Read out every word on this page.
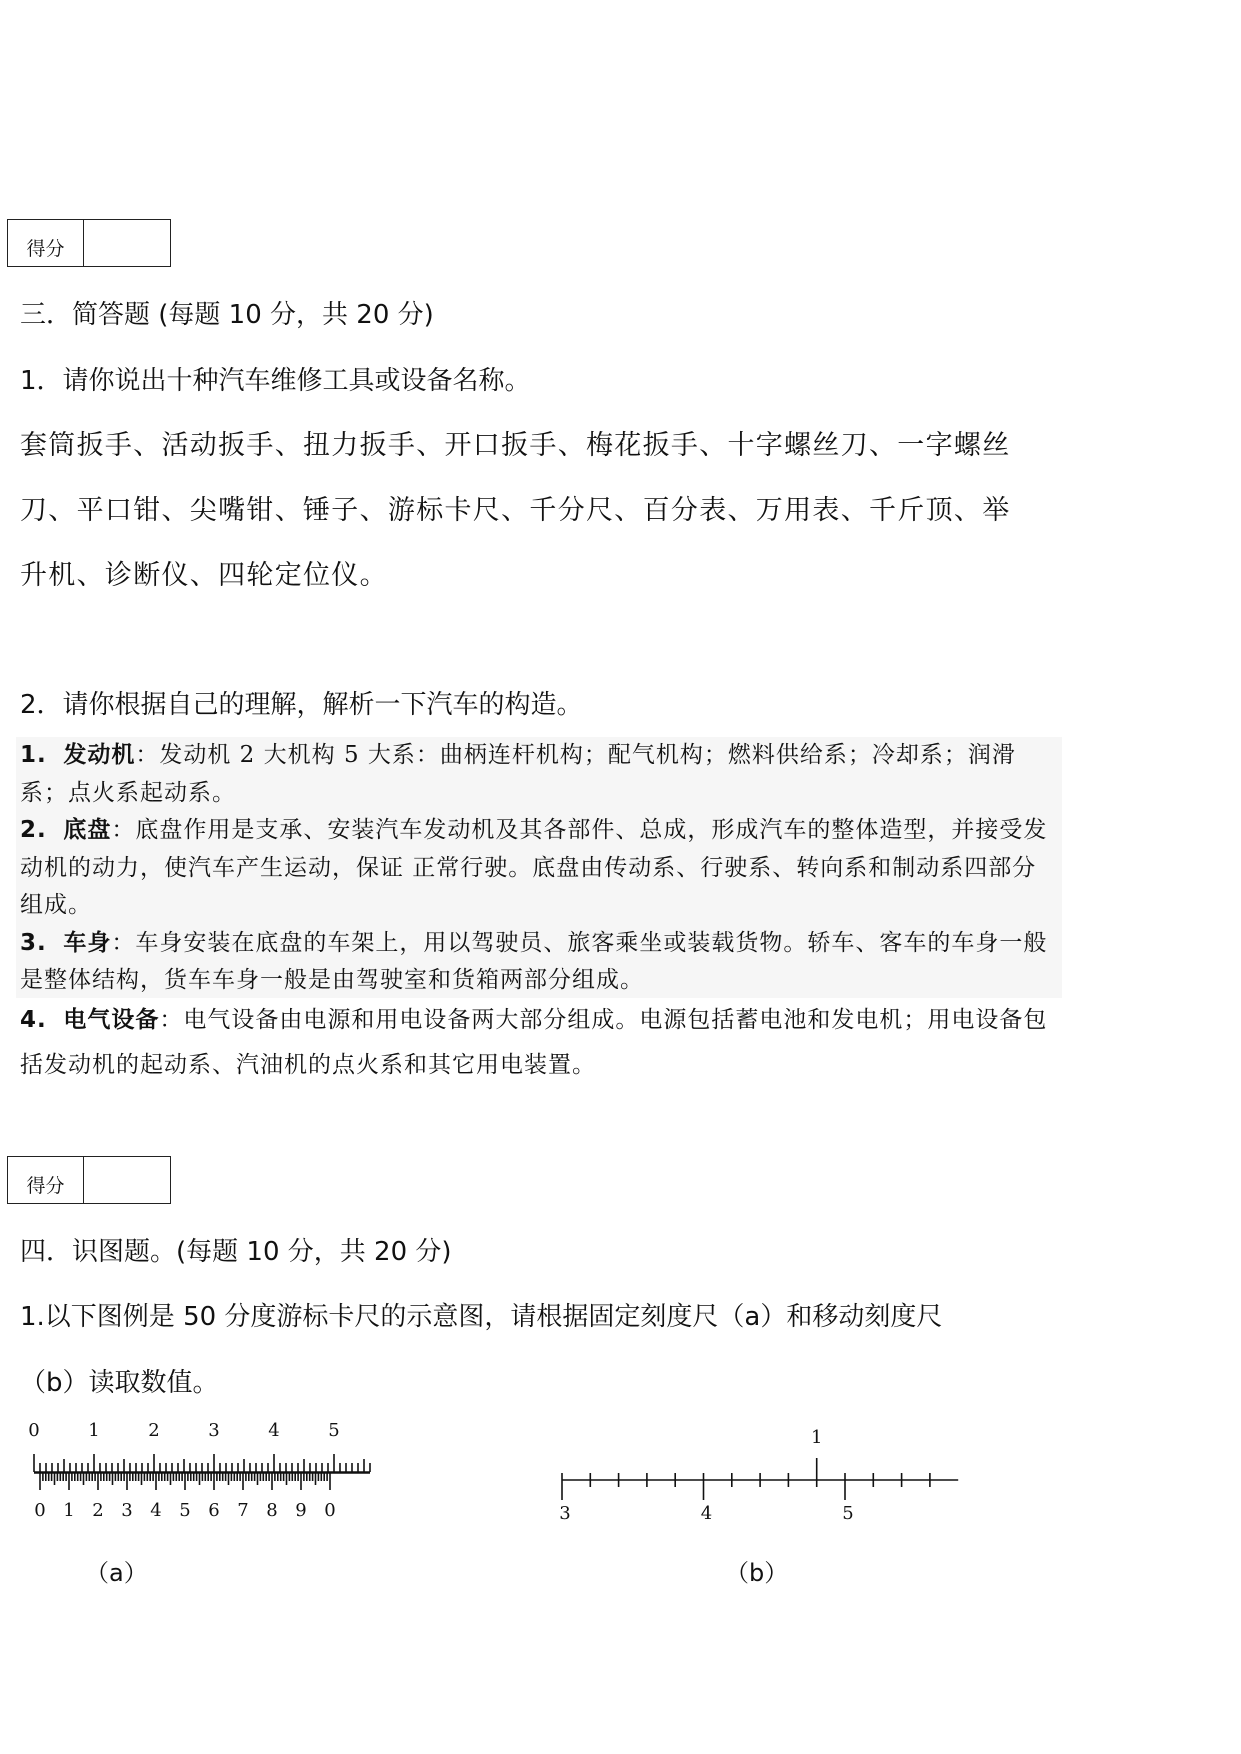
得分
三．简答题 (每题 10 分，共 20 分)
1．请你说出十种汽车维修工具或设备名称。
套筒扳手、活动扳手、扭力扳手、开口扳手、梅花扳手、十字螺丝刀、一字螺丝
刀、平口钳、尖嘴钳、锤子、游标卡尺、千分尺、百分表、万用表、千斤顶、举
升机、诊断仪、四轮定位仪。
2．请你根据自己的理解，解析一下汽车的构造。

1. 发动机：发动机 2 大机构 5 大系：曲柄连杆机构；配气机构；燃料供给系；冷却系；润滑系；点火系起动系。

2. 底盘：底盘作用是支承、安装汽车发动机及其各部件、总成，形成汽车的整体造型，并接受发动机的动力，使汽车产生运动，保证 正常行驶。底盘由传动系、行驶系、转向系和制动系四部分组成。

3. 车身：车身安装在底盘的车架上，用以驾驶员、旅客乘坐或装载货物。轿车、客车的车身一般是整体结构，货车车身一般是由驾驶室和货箱两部分组成。

4. 电气设备：电气设备由电源和用电设备两大部分组成。电源包括蓄电池和发电机；用电设备包括发动机的起动系、汽油机的点火系和其它用电装置。

得分
四．识图题。(每题 10 分，共 20 分)
1.以下图例是 50 分度游标卡尺的示意图，请根据固定刻度尺（a）和移动刻度尺
（b）读取数值。
0	1	2	3	4	5
0 1 2 3 4 5 6 7 8 9 0
（a）
1
3	4	5
（b）
